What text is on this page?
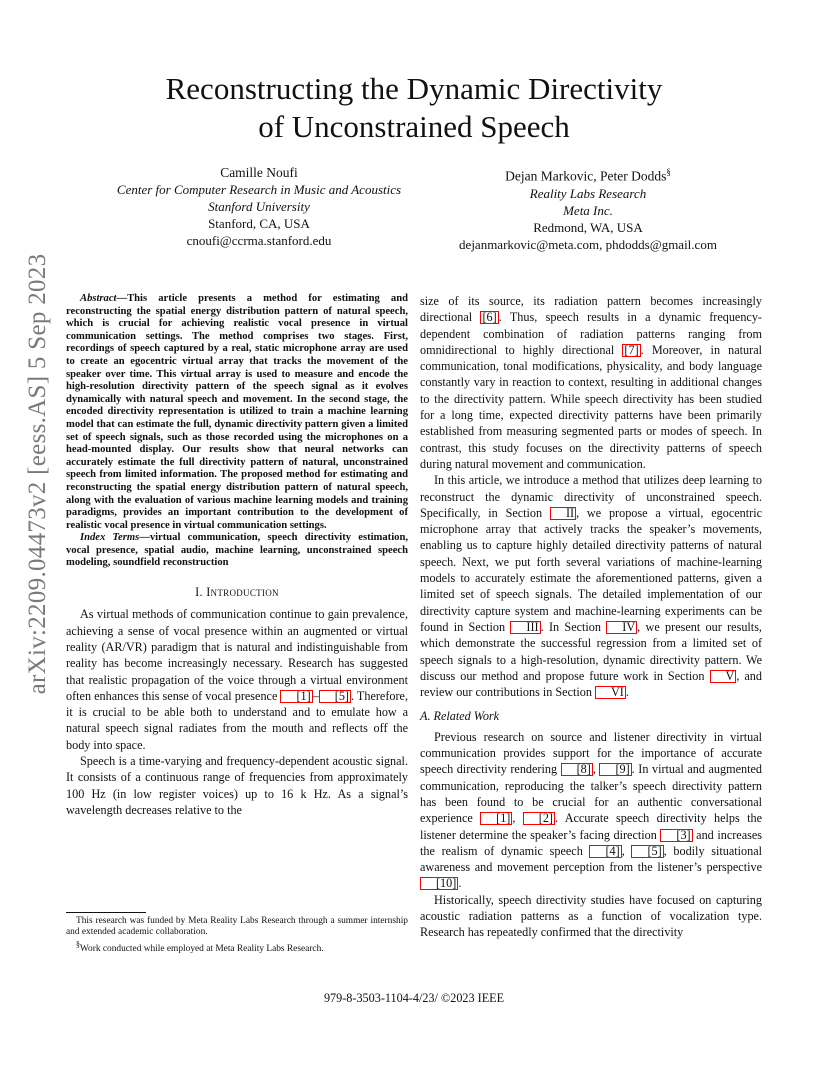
arXiv:2209.04473v2 [eess.AS] 5 Sep 2023
Reconstructing the Dynamic Directivity
of Unconstrained Speech
Camille Noufi
Center for Computer Research in Music and Acoustics
Stanford University
Stanford, CA, USA
cnoufi@ccrma.stanford.edu
Dejan Markovic, Peter Dodds§
Reality Labs Research
Meta Inc.
Redmond, WA, USA
dejanmarkovic@meta.com, phdodds@gmail.com

Abstract—This article presents a method for estimating and reconstructing the spatial energy distribution pattern of natural speech, which is crucial for achieving realistic vocal presence in virtual communication settings. The method comprises two stages. First, recordings of speech captured by a real, static microphone array are used to create an egocentric virtual array that tracks the movement of the speaker over time. This virtual array is used to measure and encode the high-resolution directivity pattern of the speech signal as it evolves dynamically with natural speech and movement. In the second stage, the encoded directivity representation is utilized to train a machine learning model that can estimate the full, dynamic directivity pattern given a limited set of speech signals, such as those recorded using the microphones on a head-mounted display. Our results show that neural networks can accurately estimate the full directivity pattern of natural, unconstrained speech from limited information. The proposed method for estimating and reconstructing the spatial energy distribution pattern of natural speech, along with the evaluation of various machine learning models and training paradigms, provides an important contribution to the development of realistic vocal presence in virtual communication settings.

Index Terms—virtual communication, speech directivity estimation, vocal presence, spatial audio, machine learning, unconstrained speech modeling, soundfield reconstruction

I. Introduction

As virtual methods of communication continue to gain prevalence, achieving a sense of vocal presence within an augmented or virtual reality (AR/VR) paradigm that is natural and indistinguishable from reality has become increasingly necessary. Research has suggested that realistic propagation of the voice through a virtual environment often enhances this sense of vocal presence [1] – [5] . Therefore, it is crucial to be able both to understand and to emulate how a natural speech signal radiates from the mouth and reflects off the body into space.

Speech is a time-varying and frequency-dependent acoustic signal. It consists of a continuous range of frequencies from approximately 100 Hz (in low register voices) up to 16 k Hz. As a signal’s wavelength decreases relative to the

This research was funded by Meta Reality Labs Research through a summer internship and extended academic collaboration.

§Work conducted while employed at Meta Reality Labs Research.

size of its source, its radiation pattern becomes increasingly directional [6] . Thus, speech results in a dynamic frequency-dependent combination of radiation patterns ranging from omnidirectional to highly directional [7] . Moreover, in natural communication, tonal modifications, physicality, and body language constantly vary in reaction to context, resulting in additional changes to the directivity pattern. While speech directivity has been studied for a long time, expected directivity patterns have been primarily established from measuring segmented parts or modes of speech. In contrast, this study focuses on the directivity patterns of speech during natural movement and communication.

In this article, we introduce a method that utilizes deep learning to reconstruct the dynamic directivity of unconstrained speech. Specifically, in Section II , we propose a virtual, egocentric microphone array that actively tracks the speaker’s movements, enabling us to capture highly detailed directivity patterns of natural speech. Next, we put forth several variations of machine-learning models to accurately estimate the aforementioned patterns, given a limited set of speech signals. The detailed implementation of our directivity capture system and machine-learning experiments can be found in Section III . In Section IV , we present our results, which demonstrate the successful regression from a limited set of speech signals to a high-resolution, dynamic directivity pattern. We discuss our method and propose future work in Section V , and review our contributions in Section VI .

A. Related Work

Previous research on source and listener directivity in virtual communication provides support for the importance of accurate speech directivity rendering [8] , [9] . In virtual and augmented communication, reproducing the talker’s speech directivity pattern has been found to be crucial for an authentic conversational experience [1] , [2] . Accurate speech directivity helps the listener determine the speaker’s facing direction [3] and increases the realism of dynamic speech [4] , [5] , bodily situational awareness and movement perception from the listener’s perspective [10] .

Historically, speech directivity studies have focused on capturing acoustic radiation patterns as a function of vocalization type. Research has repeatedly confirmed that the directivity

979-8-3503-1104-4/23/ ©2023 IEEE
